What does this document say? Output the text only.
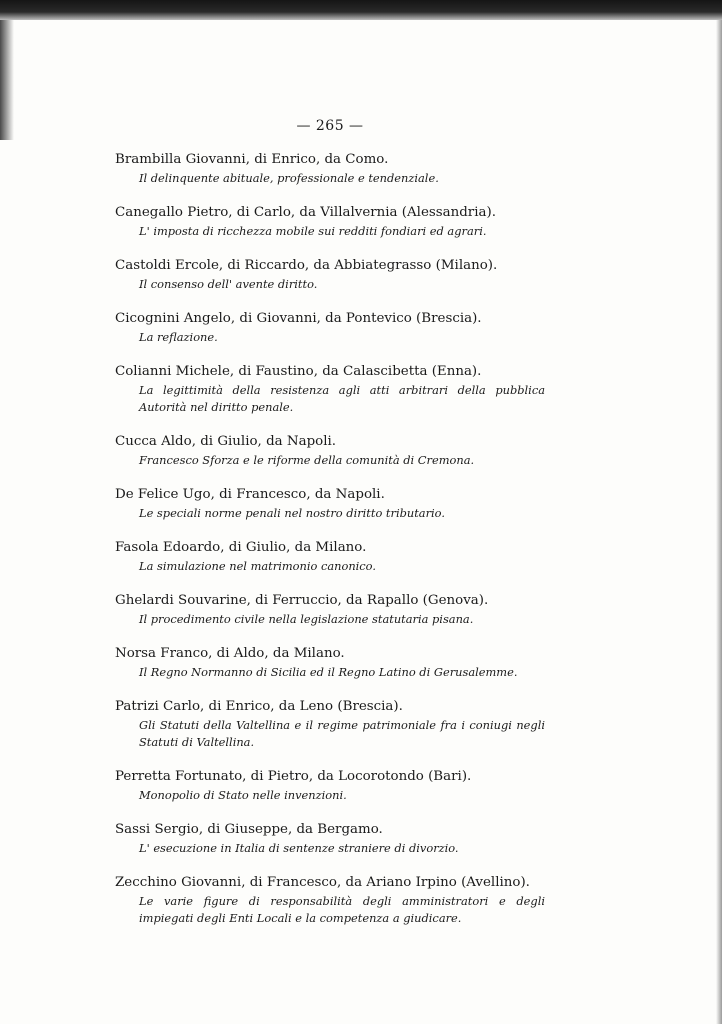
— 265 —
Brambilla Giovanni, di Enrico, da Como.
Il delinquente abituale, professionale e tendenziale.
Canegallo Pietro, di Carlo, da Villalvernia (Alessandria).
L' imposta di ricchezza mobile sui redditi fondiari ed agrari.
Castoldi Ercole, di Riccardo, da Abbiategrasso (Milano).
Il consenso dell' avente diritto.
Cicognini Angelo, di Giovanni, da Pontevico (Brescia).
La reflazione.
Colianni Michele, di Faustino, da Calascibetta (Enna).
La legittimità della resistenza agli atti arbitrari della pubblica Autorità nel diritto penale.
Cucca Aldo, di Giulio, da Napoli.
Francesco Sforza e le riforme della comunità di Cremona.
De Felice Ugo, di Francesco, da Napoli.
Le speciali norme penali nel nostro diritto tributario.
Fasola Edoardo, di Giulio, da Milano.
La simulazione nel matrimonio canonico.
Ghelardi Souvarine, di Ferruccio, da Rapallo (Genova).
Il procedimento civile nella legislazione statutaria pisana.
Norsa Franco, di Aldo, da Milano.
Il Regno Normanno di Sicilia ed il Regno Latino di Gerusalemme.
Patrizi Carlo, di Enrico, da Leno (Brescia).
Gli Statuti della Valtellina e il regime patrimoniale fra i coniugi negli Statuti di Valtellina.
Perretta Fortunato, di Pietro, da Locorotondo (Bari).
Monopolio di Stato nelle invenzioni.
Sassi Sergio, di Giuseppe, da Bergamo.
L' esecuzione in Italia di sentenze straniere di divorzio.
Zecchino Giovanni, di Francesco, da Ariano Irpino (Avellino).
Le varie figure di responsabilità degli amministratori e degli impiegati degli Enti Locali e la competenza a giudicare.
